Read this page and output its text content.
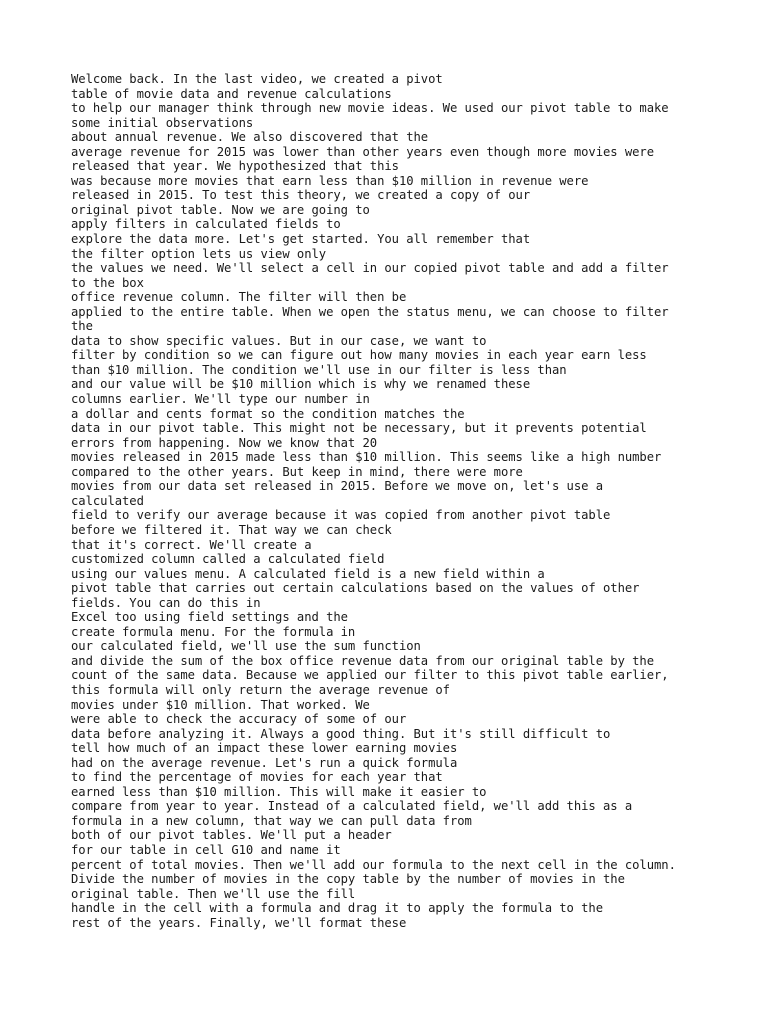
Welcome back. In the last video, we created a pivot
table of movie data and revenue calculations
to help our manager think through new movie ideas. We used our pivot table to make
some initial observations
about annual revenue. We also discovered that the
average revenue for 2015 was lower than other years even though more movies were
released that year. We hypothesized that this
was because more movies that earn less than $10 million in revenue were
released in 2015. To test this theory, we created a copy of our
original pivot table. Now we are going to
apply filters in calculated fields to
explore the data more. Let's get started. You all remember that
the filter option lets us view only
the values we need. We'll select a cell in our copied pivot table and add a filter
to the box
office revenue column. The filter will then be
applied to the entire table. When we open the status menu, we can choose to filter
the
data to show specific values. But in our case, we want to
filter by condition so we can figure out how many movies in each year earn less
than $10 million. The condition we'll use in our filter is less than
and our value will be $10 million which is why we renamed these
columns earlier. We'll type our number in
a dollar and cents format so the condition matches the
data in our pivot table. This might not be necessary, but it prevents potential
errors from happening. Now we know that 20
movies released in 2015 made less than $10 million. This seems like a high number
compared to the other years. But keep in mind, there were more
movies from our data set released in 2015. Before we move on, let's use a
calculated
field to verify our average because it was copied from another pivot table
before we filtered it. That way we can check
that it's correct. We'll create a
customized column called a calculated field
using our values menu. A calculated field is a new field within a
pivot table that carries out certain calculations based on the values of other
fields. You can do this in
Excel too using field settings and the
create formula menu. For the formula in
our calculated field, we'll use the sum function
and divide the sum of the box office revenue data from our original table by the
count of the same data. Because we applied our filter to this pivot table earlier,
this formula will only return the average revenue of
movies under $10 million. That worked. We
were able to check the accuracy of some of our
data before analyzing it. Always a good thing. But it's still difficult to
tell how much of an impact these lower earning movies
had on the average revenue. Let's run a quick formula
to find the percentage of movies for each year that
earned less than $10 million. This will make it easier to
compare from year to year. Instead of a calculated field, we'll add this as a
formula in a new column, that way we can pull data from
both of our pivot tables. We'll put a header
for our table in cell G10 and name it
percent of total movies. Then we'll add our formula to the next cell in the column.
Divide the number of movies in the copy table by the number of movies in the
original table. Then we'll use the fill
handle in the cell with a formula and drag it to apply the formula to the
rest of the years. Finally, we'll format these
